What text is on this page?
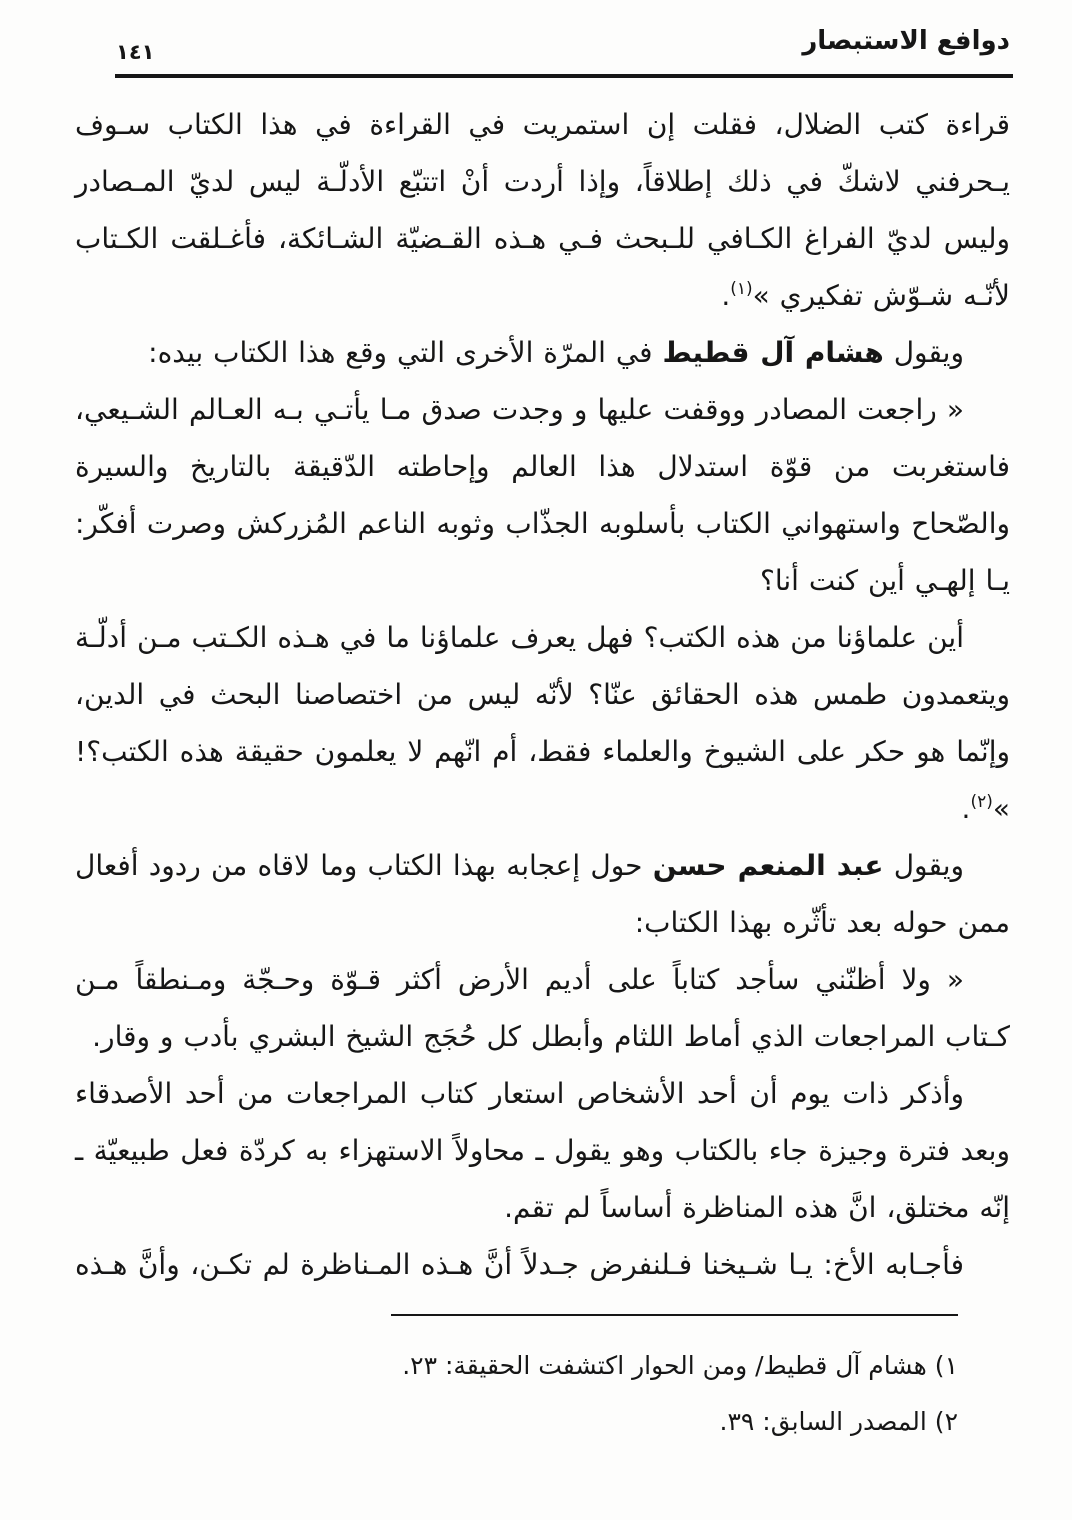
دوافع الاستبصار
١٤١

قراءة كتب الضلال، فقلت إن استمريت في القراءة في هذا الكتاب سـوف يـحرفني لاشكّ في ذلك إطلاقاً، وإذا أردت أنْ اتتبّع الأدلّـة ليس لديّ المـصادر وليس لديّ الفراغ الكـافي للـبحث فـي هـذه القـضيّة الشـائكة، فأغـلقت الكـتاب لأنّـه شـوّش تفكيري »$^{(١)}$.

ويقول هشام آل قطيط في المرّة الأخرى التي وقع هذا الكتاب بيده:

« راجعت المصادر ووقفت عليها و وجدت صدق مـا يأتـي بـه العـالم الشـيعي، فاستغربت من قوّة استدلال هذا العالم وإحاطته الدّقيقة بالتاريخ والسيرة والصّحاح واستهواني الكتاب بأسلوبه الجذّاب وثوبه الناعم المُزركش وصرت أفكّر: يـا إلهـي أين كنت أنا؟

أين علماؤنا من هذه الكتب؟ فهل يعرف علماؤنا ما في هـذه الكـتب مـن أدلّـة ويتعمدون طمس هذه الحقائق عنّا؟ لأنّه ليس من اختصاصنا البحث في الدين، وإنّما هو حكر على الشيوخ والعلماء فقط، أم انّهم لا يعلمون حقيقة هذه الكتب؟! »$^{(٢)}$.

ويقول عبد المنعم حسن حول إعجابه بهذا الكتاب وما لاقاه من ردود أفعال ممن حوله بعد تأثّره بهذا الكتاب:

« ولا أظنّني سأجد كتاباً على أديم الأرض أكثر قـوّة وحـجّة ومـنطقاً مـن كـتاب المراجعات الذي أماط اللثام وأبطل كل حُجَج الشيخ البشري بأدب و وقار.

وأذكر ذات يوم أن أحد الأشخاص استعار كتاب المراجعات من أحد الأصدقاء وبعد فترة وجيزة جاء بالكتاب وهو يقول ـ محاولاً الاستهزاء به كردّة فعل طبيعيّة ـ إنّه مختلق، انَّ هذه المناظرة أساساً لم تقم.

فأجـابه الأخ: يـا شـيخنا فـلنفرض جـدلاً أنَّ هـذه المـناظرة لم تكـن، وأنَّ هـذه

١) هشام آل قطيط/ ومن الحوار اكتشفت الحقيقة: ٢٣.
٢) المصدر السابق: ٣٩.
